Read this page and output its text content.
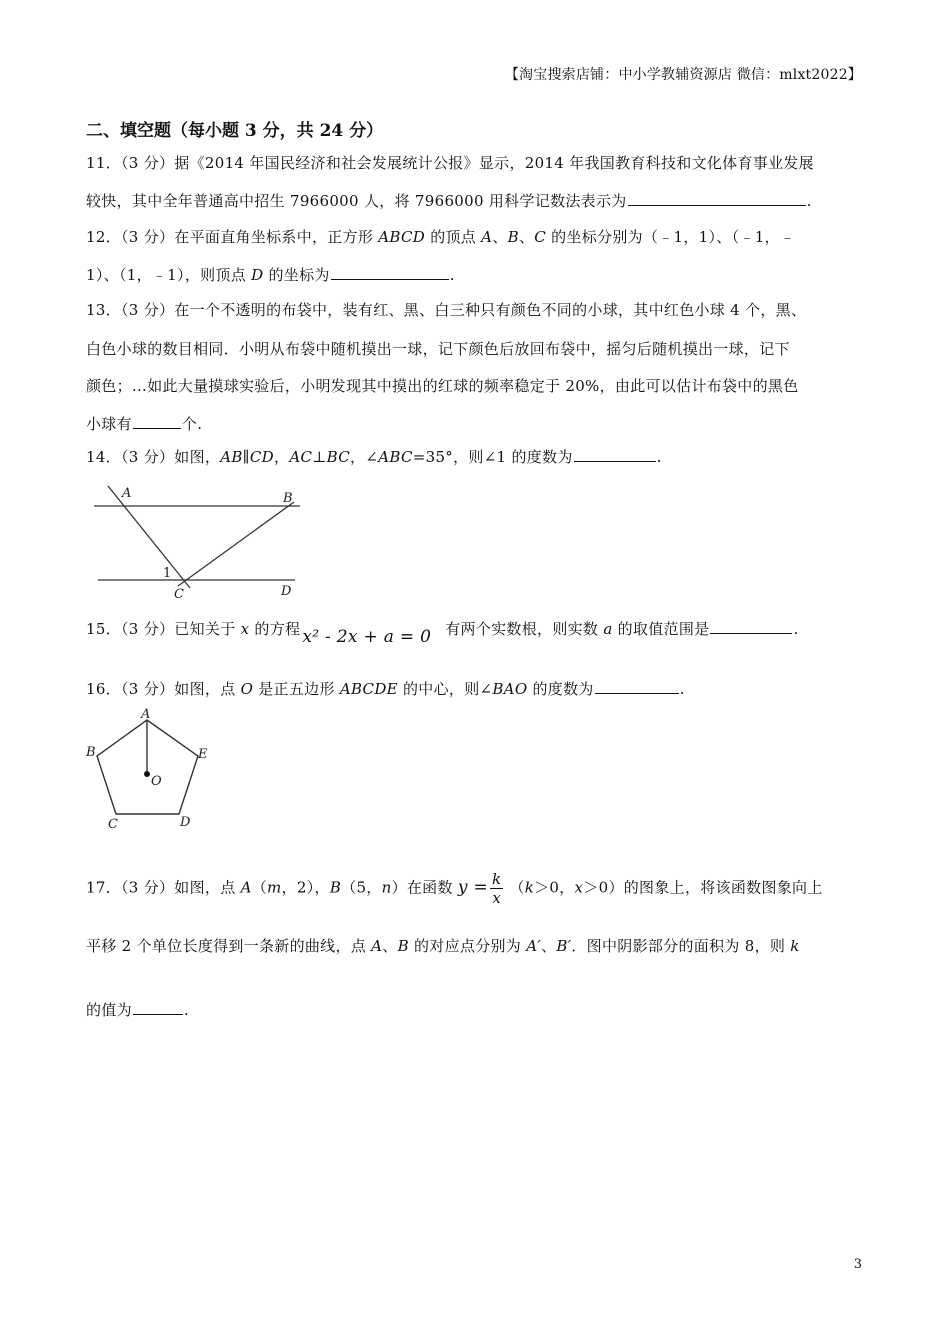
【淘宝搜索店铺：中小学教辅资源店 微信：mlxt2022】
二、填空题（每小题 3 分，共 24 分）
11．（3 分）据《2014 年国民经济和社会发展统计公报》显示，2014 年我国教育科技和文化体育事业发展
较快，其中全年普通高中招生 7966000 人，将 7966000 用科学记数法表示为	.
12．（3 分）在平面直角坐标系中，正方形 ABCD 的顶点 A、B、C 的坐标分别为（﹣1，1）、（﹣1，﹣
1）、（1，﹣1），则顶点 D 的坐标为	.
13．（3 分）在一个不透明的布袋中，装有红、黑、白三种只有颜色不同的小球，其中红色小球 4 个，黑、
白色小球的数目相同．小明从布袋中随机摸出一球，记下颜色后放回布袋中，摇匀后随机摸出一球，记下
颜色；…如此大量摸球实验后，小明发现其中摸出的红球的频率稳定于 20%，由此可以估计布袋中的黑色
小球有	个.
14．（3 分）如图，AB∥CD，AC⊥BC，∠ABC=35°，则∠1 的度数为	.
A	B
C	D
1
15．（3 分）已知关于 x 的方程 x² - 2x + a = 0 有两个实数根，则实数 a 的取值范围是	.
16．（3 分）如图，点 O 是正五边形 ABCDE 的中心，则∠BAO 的度数为	.
A
B	E
C	D
O
17．（3 分）如图，点 A（m，2），B（5，n）在函数 $y = \frac{k}{x} (k>0$，x＞0）的图象上，将该函数图象向上
平移 2 个单位长度得到一条新的曲线，点 A、B 的对应点分别为 A′、B′．图中阴影部分的面积为 8，则 k
的值为	.
3
